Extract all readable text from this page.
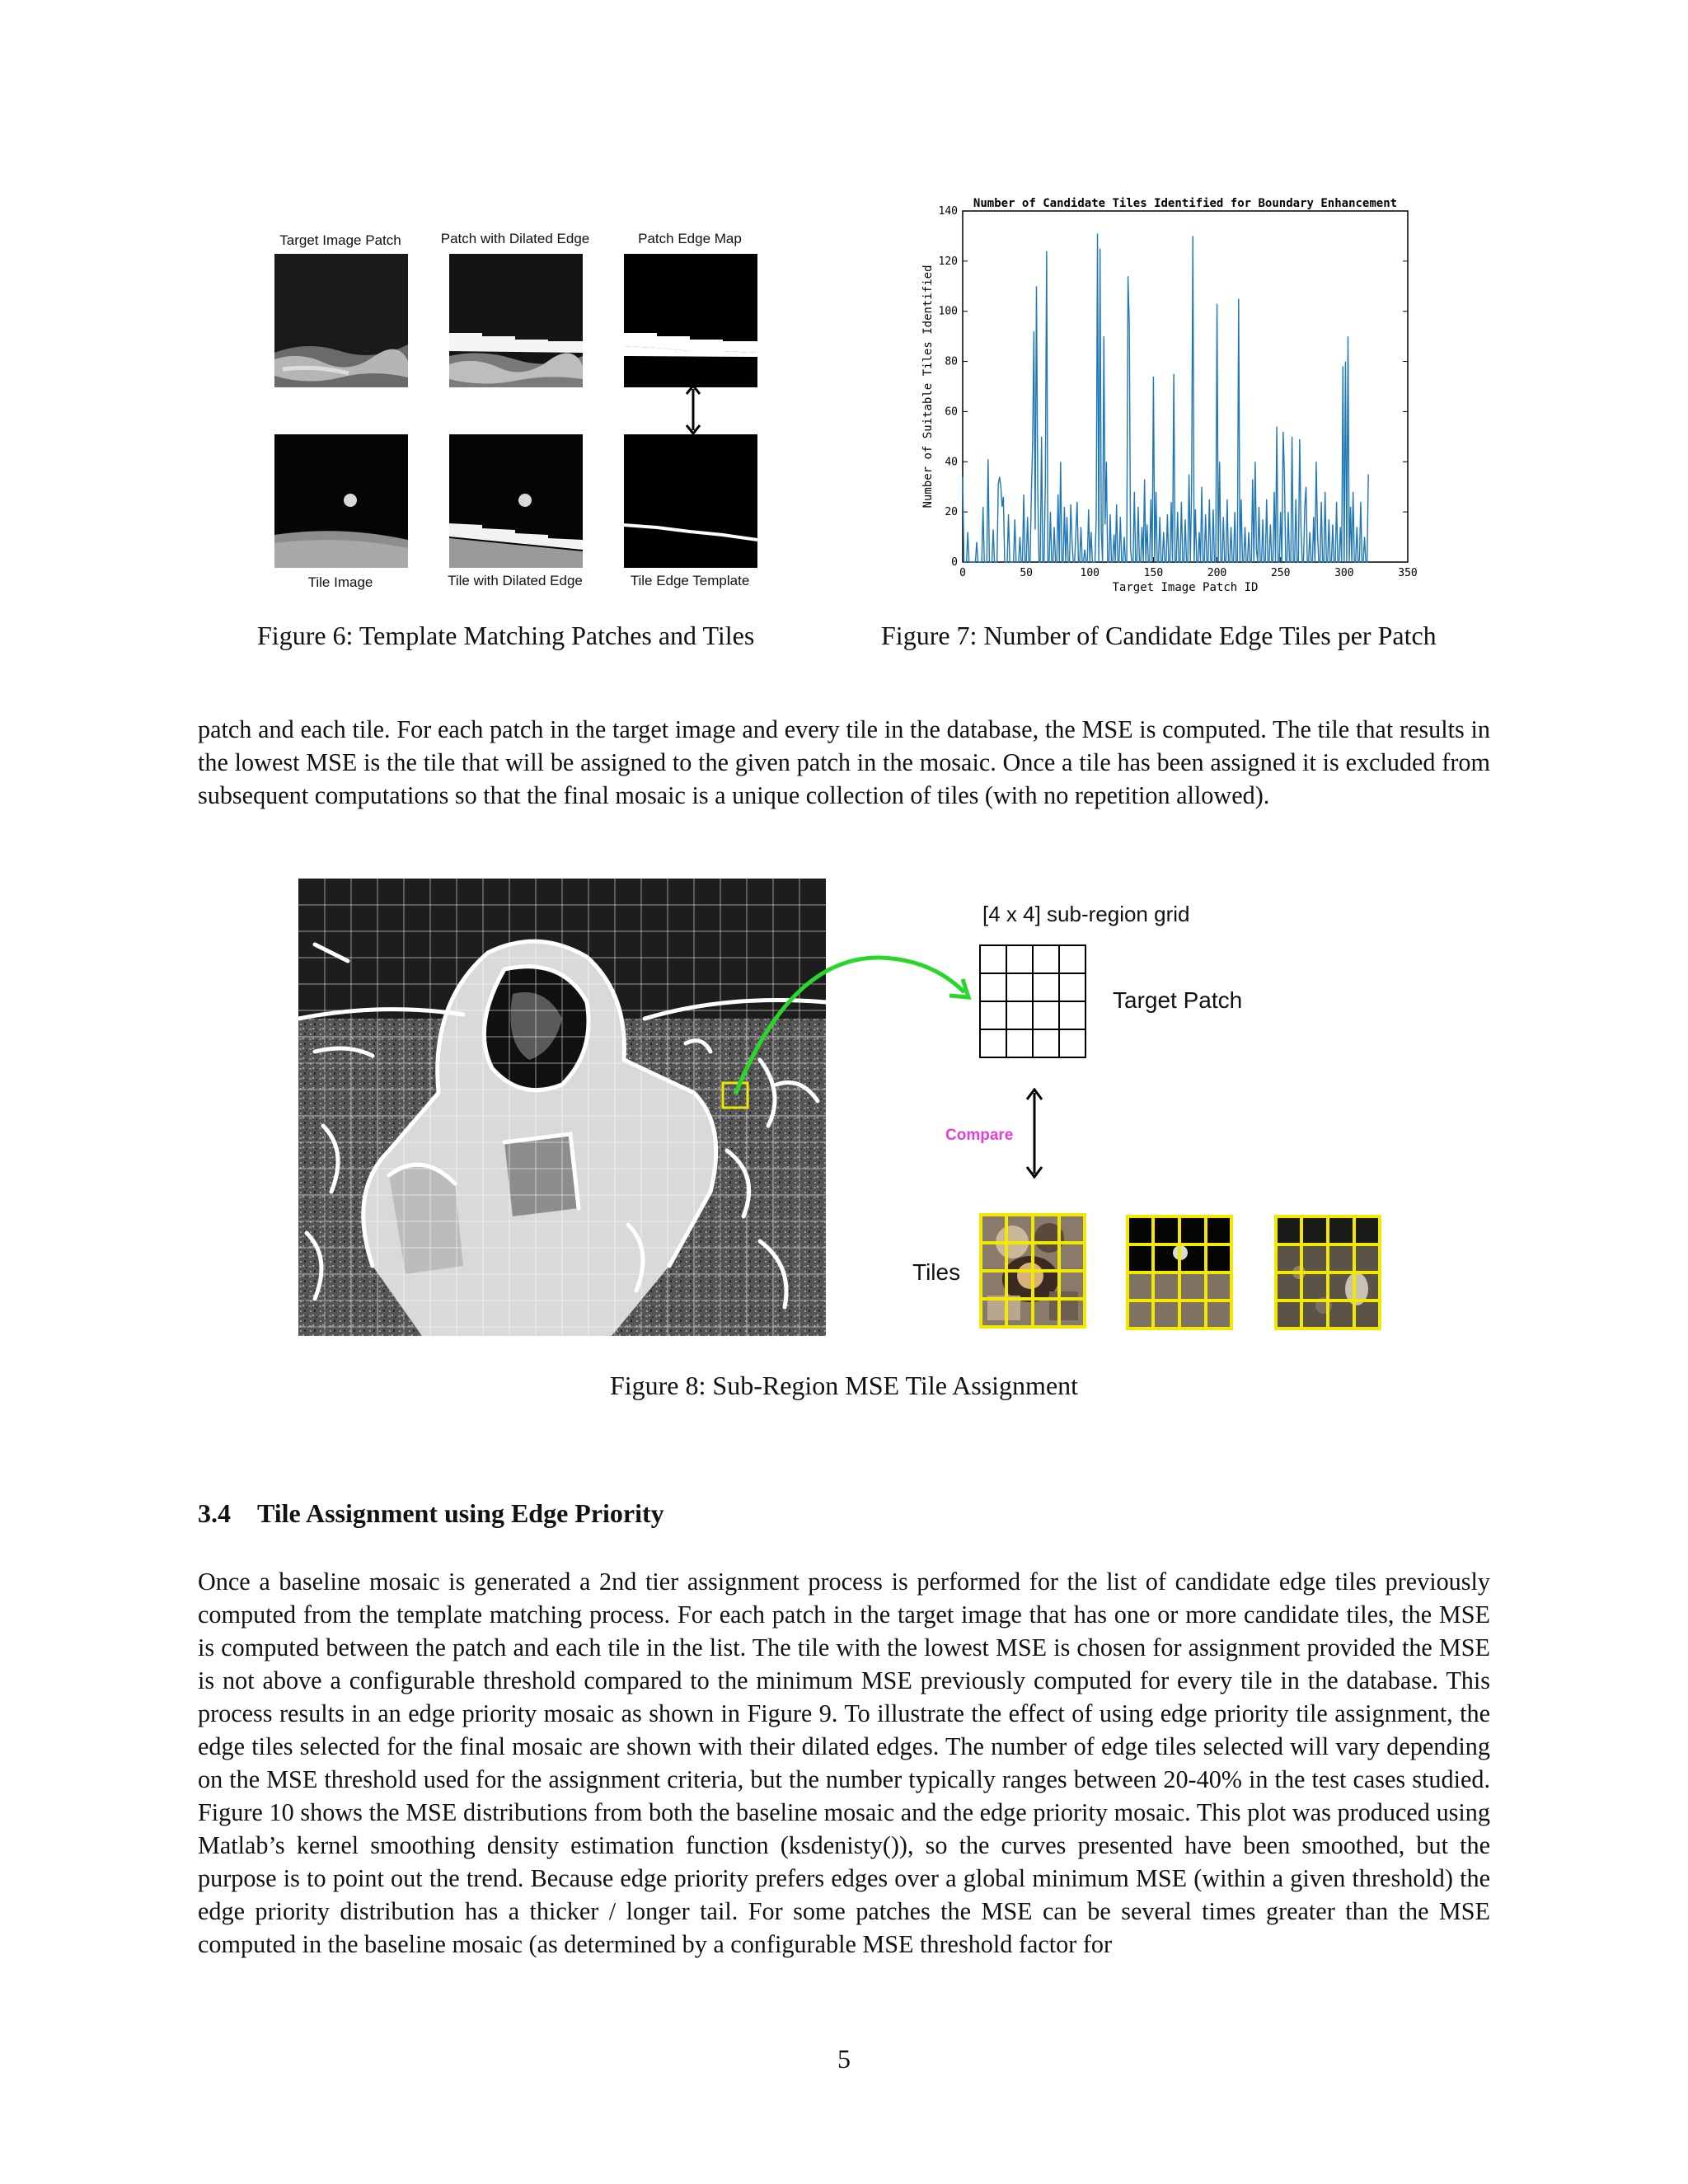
Target Image Patch	Patch with Dilated Edge	Patch Edge Map
Tile Image	Tile with Dilated Edge	Tile Edge Template
Figure 6: Template Matching Patches and Tiles
0	50	100	150	200	250	300	350
0
20
40
60
80
100
120
140
Number of Candidate Tiles Identified for Boundary Enhancement
Target Image Patch ID
Number of Suitable Tiles Identified
Figure 7: Number of Candidate Edge Tiles per Patch

patch and each tile. For each patch in the target image and every tile in the database, the MSE is computed. The tile that results in the lowest MSE is the tile that will be assigned to the given patch in the mosaic. Once a tile has been assigned it is excluded from subsequent computations so that the final mosaic is a unique collection of tiles (with no repetition allowed).

[4 x 4] sub-region grid
Target Patch
Compare
Tiles
Figure 8: Sub-Region MSE Tile Assignment
3.4 Tile Assignment using Edge Priority

Once a baseline mosaic is generated a 2nd tier assignment process is performed for the list of candidate edge tiles previously computed from the template matching process. For each patch in the target image that has one or more candidate tiles, the MSE is computed between the patch and each tile in the list. The tile with the lowest MSE is chosen for assignment provided the MSE is not above a configurable threshold compared to the minimum MSE previously computed for every tile in the database. This process results in an edge priority mosaic as shown in Figure 9. To illustrate the effect of using edge priority tile assignment, the edge tiles selected for the final mosaic are shown with their dilated edges. The number of edge tiles selected will vary depending on the MSE threshold used for the assignment criteria, but the number typically ranges between 20-40% in the test cases studied. Figure 10 shows the MSE distributions from both the baseline mosaic and the edge priority mosaic. This plot was produced using Matlab’s kernel smoothing density estimation function (ksdenisty()), so the curves presented have been smoothed, but the purpose is to point out the trend. Because edge priority prefers edges over a global minimum MSE (within a given threshold) the edge priority distribution has a thicker / longer tail. For some patches the MSE can be several times greater than the MSE computed in the baseline mosaic (as determined by a configurable MSE threshold factor for

5
